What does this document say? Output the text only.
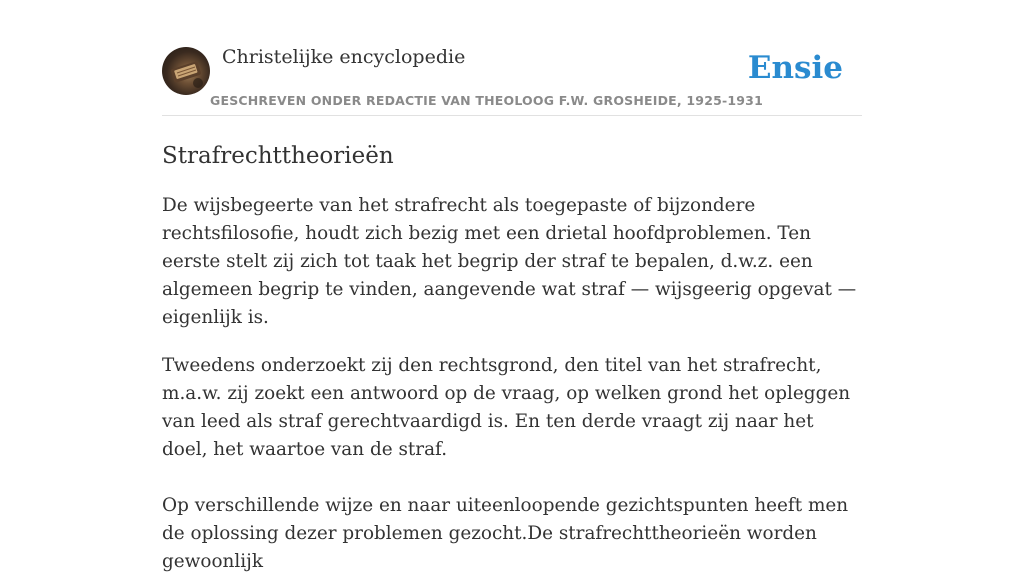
Christelijke encyclopedie
GESCHREVEN ONDER REDACTIE VAN THEOLOOG F.W. GROSHEIDE, 1925-1931
Ensie
Strafrechttheorieën

De wijsbegeerte van het strafrecht als toegepaste of bijzondere rechtsfilosofie, houdt zich bezig met een drietal hoofdproblemen. Ten eerste stelt zij zich tot taak het begrip der straf te bepalen, d.w.z. een algemeen begrip te vinden, aangevende wat straf — wijsgeerig opgevat — eigenlijk is.

Tweedens onderzoekt zij den rechtsgrond, den titel van het strafrecht, m.a.w. zij zoekt een antwoord op de vraag, op welken grond het opleggen van leed als straf gerechtvaardigd is. En ten derde vraagt zij naar het doel, het waartoe van de straf.

Op verschillende wijze en naar uiteenloopende gezichtspunten heeft men de oplossing dezer problemen gezocht.De strafrechttheorieën worden gewoonlijk
